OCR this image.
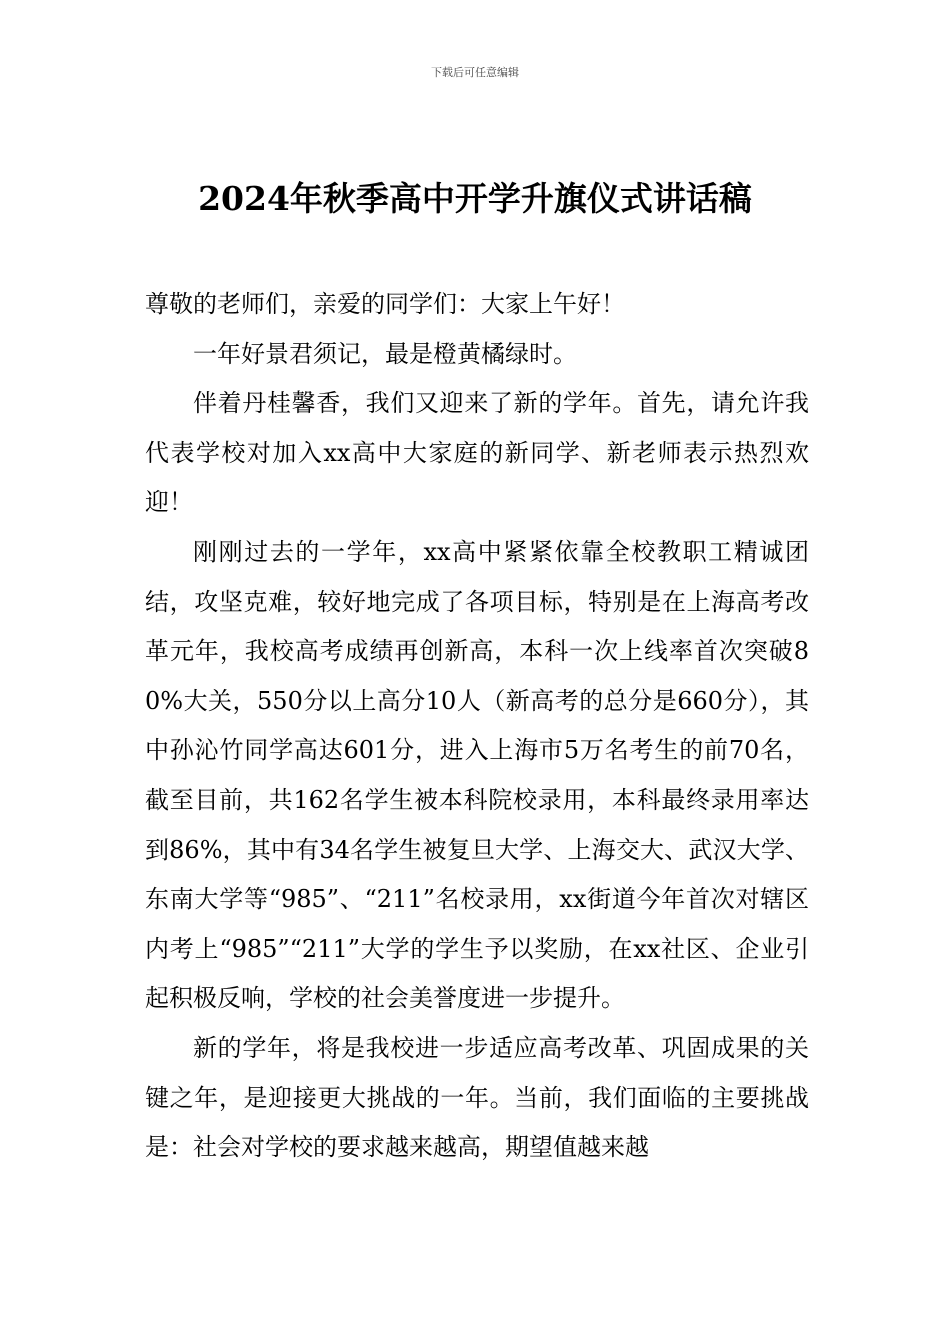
下载后可任意编辑
2024年秋季高中开学升旗仪式讲话稿

尊敬的老师们，亲爱的同学们：大家上午好！

一年好景君须记，最是橙黄橘绿时。

伴着丹桂馨香，我们又迎来了新的学年。首先，请允许我代表学校对加入xx高中大家庭的新同学、新老师表示热烈欢迎！

刚刚过去的一学年，xx高中紧紧依靠全校教职工精诚团结，攻坚克难，较好地完成了各项目标，特别是在上海高考改革元年，我校高考成绩再创新高，本科一次上线率首次突破80%大关，550分以上高分10人（新高考的总分是660分），其中孙沁竹同学高达601分，进入上海市5万名考生的前70名，截至目前，共162名学生被本科院校录用，本科最终录用率达到86%，其中有34名学生被复旦大学、上海交大、武汉大学、东南大学等“985”、“211”名校录用，xx街道今年首次对辖区内考上“985”“211”大学的学生予以奖励，在xx社区、企业引起积极反响，学校的社会美誉度进一步提升。

新的学年，将是我校进一步适应高考改革、巩固成果的关键之年，是迎接更大挑战的一年。当前，我们面临的主要挑战是：社会对学校的要求越来越高，期望值越来越
